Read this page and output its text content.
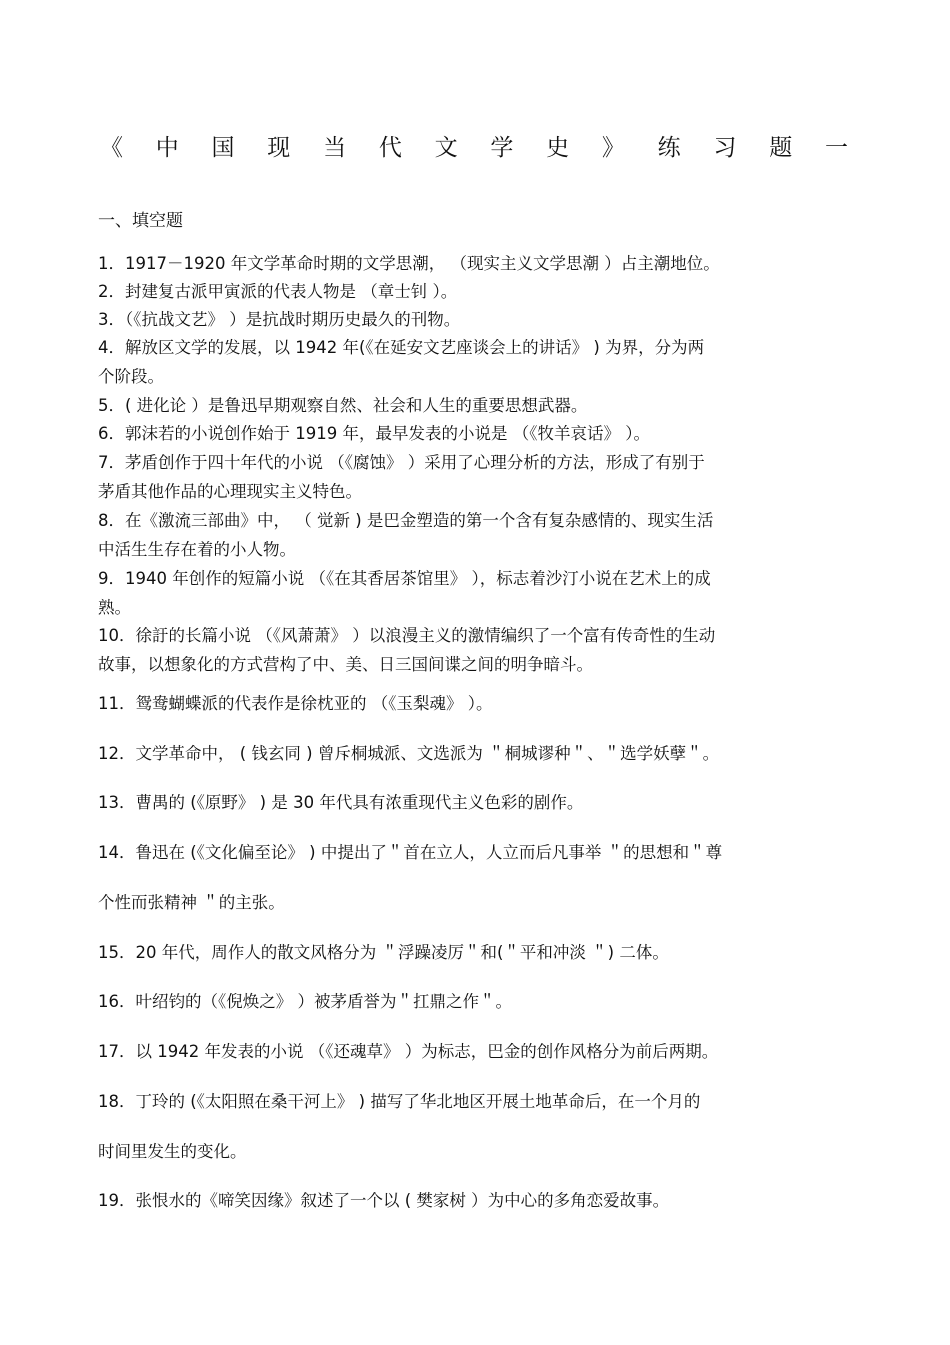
《 中 国 现 当 代 文 学 史 》 练 习 题 一
一、填空题
1．1917－1920 年文学革命时期的文学思潮， （现实主义文学思潮 ）占主潮地位。
2．封建复古派甲寅派的代表人物是 （章士钊 ）。
3．（《抗战文艺》 ）是抗战时期历史最久的刊物。
4．解放区文学的发展，以 1942 年(《在延安文艺座谈会上的讲话》 ) 为界，分为两
个阶段。
5．( 进化论 ）是鲁迅早期观察自然、社会和人生的重要思想武器。
6．郭沫若的小说创作始于 1919 年，最早发表的小说是 （《牧羊哀话》 ）。
7．茅盾创作于四十年代的小说 （《腐蚀》 ）采用了心理分析的方法，形成了有别于
茅盾其他作品的心理现实主义特色。
8．在《激流三部曲》中， （ 觉新 ) 是巴金塑造的第一个含有复杂感情的、现实生活
中活生生存在着的小人物。
9．1940 年创作的短篇小说 （《在其香居茶馆里》 ），标志着沙汀小说在艺术上的成
熟。
10．徐訏的长篇小说 （《风萧萧》 ）以浪漫主义的激情编织了一个富有传奇性的生动
故事，以想象化的方式营构了中、美、日三国间谍之间的明争暗斗。
11．鸳鸯蝴蝶派的代表作是徐枕亚的 （《玉梨魂》 ）。
12．文学革命中， ( 钱玄同 ) 曾斥桐城派、文选派为 ＂桐城谬种＂、＂选学妖孽＂。
13．曹禺的 (《原野》 ) 是 30 年代具有浓重现代主义色彩的剧作。
14．鲁迅在 (《文化偏至论》 ) 中提出了＂首在立人，人立而后凡事举 ＂的思想和＂尊
个性而张精神 ＂的主张。
15．20 年代，周作人的散文风格分为 ＂浮躁凌厉＂和(＂平和冲淡 ＂) 二体。
16．叶绍钧的（《倪焕之》 ）被茅盾誉为＂扛鼎之作＂。
17．以 1942 年发表的小说 （《还魂草》 ）为标志，巴金的创作风格分为前后两期。
18．丁玲的 (《太阳照在桑干河上》 ) 描写了华北地区开展土地革命后，在一个月的
时间里发生的变化。
19．张恨水的《啼笑因缘》叙述了一个以 ( 樊家树 ）为中心的多角恋爱故事。
